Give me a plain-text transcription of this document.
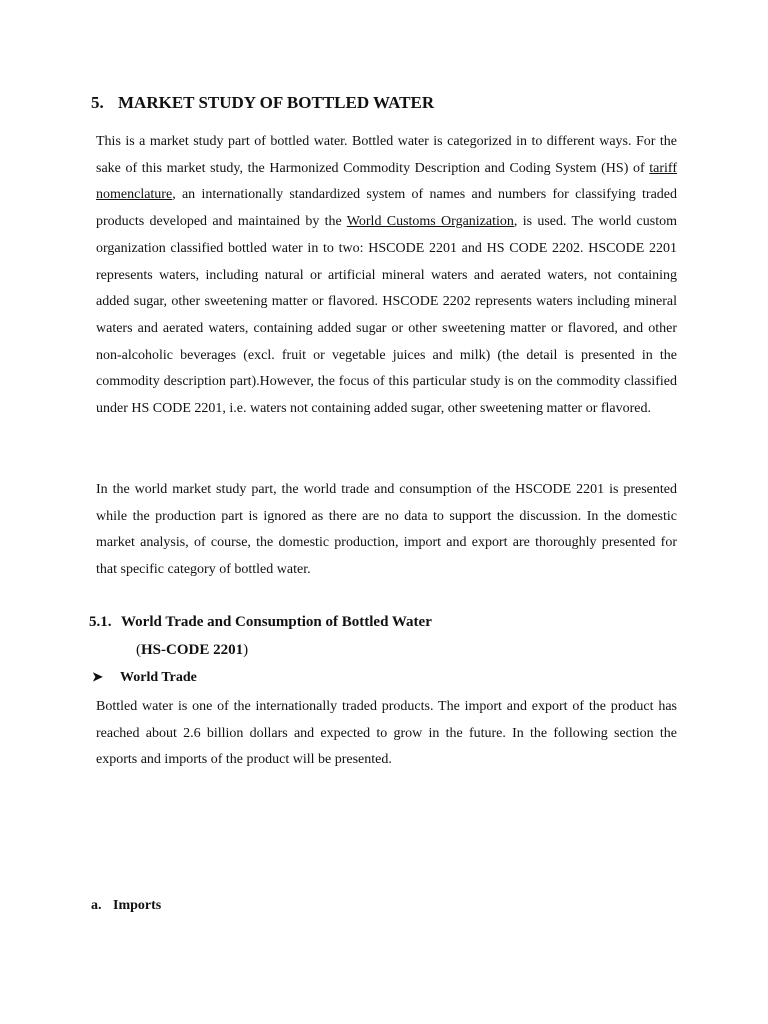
5. MARKET STUDY OF BOTTLED WATER
This is a market study part of bottled water. Bottled water is categorized in to different ways. For the sake of this market study, the Harmonized Commodity Description and Coding System (HS) of tariff nomenclature, an internationally standardized system of names and numbers for classifying traded products developed and maintained by the World Customs Organization, is used. The world custom organization classified bottled water in to two: HSCODE 2201 and HS CODE 2202. HSCODE 2201 represents waters, including natural or artificial mineral waters and aerated waters, not containing added sugar, other sweetening matter or flavored. HSCODE 2202 represents waters including mineral waters and aerated waters, containing added sugar or other sweetening matter or flavored, and other non-alcoholic beverages (excl. fruit or vegetable juices and milk) (the detail is presented in the commodity description part).However, the focus of this particular study is on the commodity classified under HS CODE 2201, i.e. waters not containing added sugar, other sweetening matter or flavored.
In the world market study part, the world trade and consumption of the HSCODE 2201 is presented while the production part is ignored as there are no data to support the discussion. In the domestic market analysis, of course, the domestic production, import and export are thoroughly presented for that specific category of bottled water.
5.1. World Trade and Consumption of Bottled Water
(HS-CODE 2201)
➤ World Trade
Bottled water is one of the internationally traded products. The import and export of the product has reached about 2.6 billion dollars and expected to grow in the future. In the following section the exports and imports of the product will be presented.
a. Imports
